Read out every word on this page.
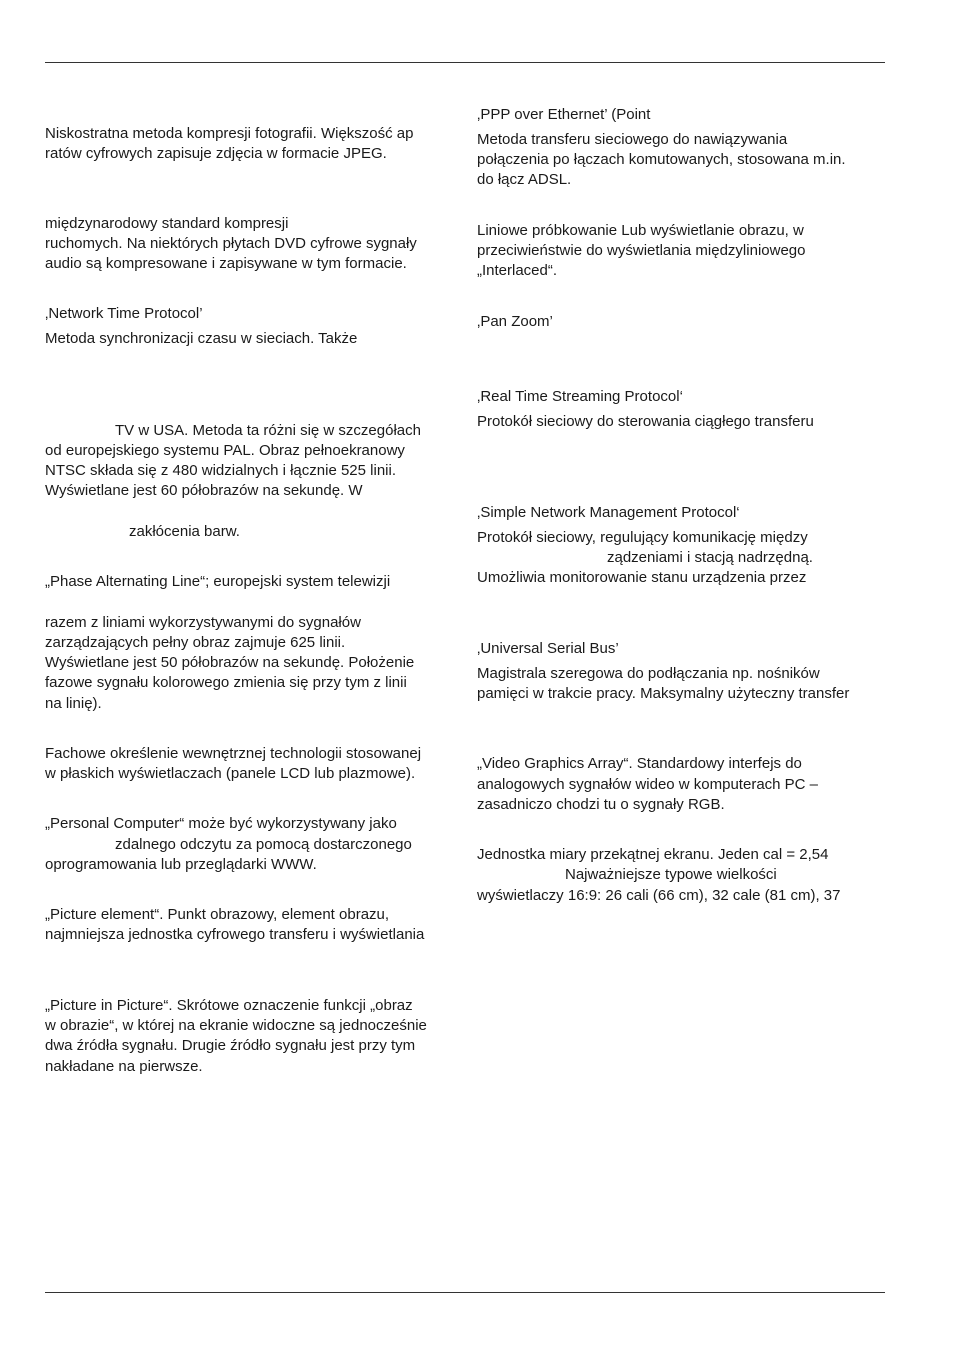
Niskostratna metoda kompresji fotografii. Większość ap

ratów cyfrowych zapisuje zdjęcia w formacie JPEG.

międzynarodowy standard kompresji

ruchomych. Na niektórych płytach DVD cyfrowe sygnały

audio są kompresowane i zapisywane w tym formacie.

‚Network Time Protocol’

Metoda synchronizacji czasu w sieciach. Także

TV w USA. Metoda ta różni się w szczegółach

od europejskiego systemu PAL. Obraz pełnoekranowy

NTSC składa się z 480 widzialnych i łącznie 525 linii.

Wyświetlane jest 60 półobrazów na sekundę. W

zakłócenia barw.

„Phase Alternating Line“; europejski system telewizji

razem z liniami wykorzystywanymi do sygnałów

zarządzających pełny obraz zajmuje 625 linii.

Wyświetlane jest 50 półobrazów na sekundę. Położenie

fazowe sygnału kolorowego zmienia się przy tym z linii

na linię).

Fachowe określenie wewnętrznej technologii stosowanej

w płaskich wyświetlaczach (panele LCD lub plazmowe).

„Personal Computer“ może być wykorzystywany jako

zdalnego odczytu za pomocą dostarczonego

oprogramowania lub przeglądarki WWW.

„Picture element“. Punkt obrazowy, element obrazu,

najmniejsza jednostka cyfrowego transferu i wyświetlania

„Picture in Picture“. Skrótowe oznaczenie funkcji „obraz

w obrazie“, w której na ekranie widoczne są jednocześnie

dwa źródła sygnału. Drugie źródło sygnału jest przy tym

nakładane na pierwsze.

‚PPP over Ethernet’ (Point

Metoda transferu sieciowego do nawiązywania

połączenia po łączach komutowanych, stosowana m.in.

do łącz ADSL.

Liniowe próbkowanie Lub wyświetlanie obrazu, w

przeciwieństwie do wyświetlania międzyliniowego

„Interlaced“.

‚Pan Zoom’

‚Real Time Streaming Protocol‘

Protokół sieciowy do sterowania ciągłego transferu

‚Simple Network Management Protocol‘

Protokół sieciowy, regulujący komunikację między

ządzeniami i stacją nadrzędną.

Umożliwia monitorowanie stanu urządzenia przez

‚Universal Serial Bus’

Magistrala szeregowa do podłączania np. nośników

pamięci w trakcie pracy. Maksymalny użyteczny transfer

„Video Graphics Array“. Standardowy interfejs do

analogowych sygnałów wideo w komputerach PC –

zasadniczo chodzi tu o sygnały RGB.

Jednostka miary przekątnej ekranu. Jeden cal = 2,54

Najważniejsze typowe wielkości

wyświetlaczy 16:9: 26 cali (66 cm), 32 cale (81 cm), 37
